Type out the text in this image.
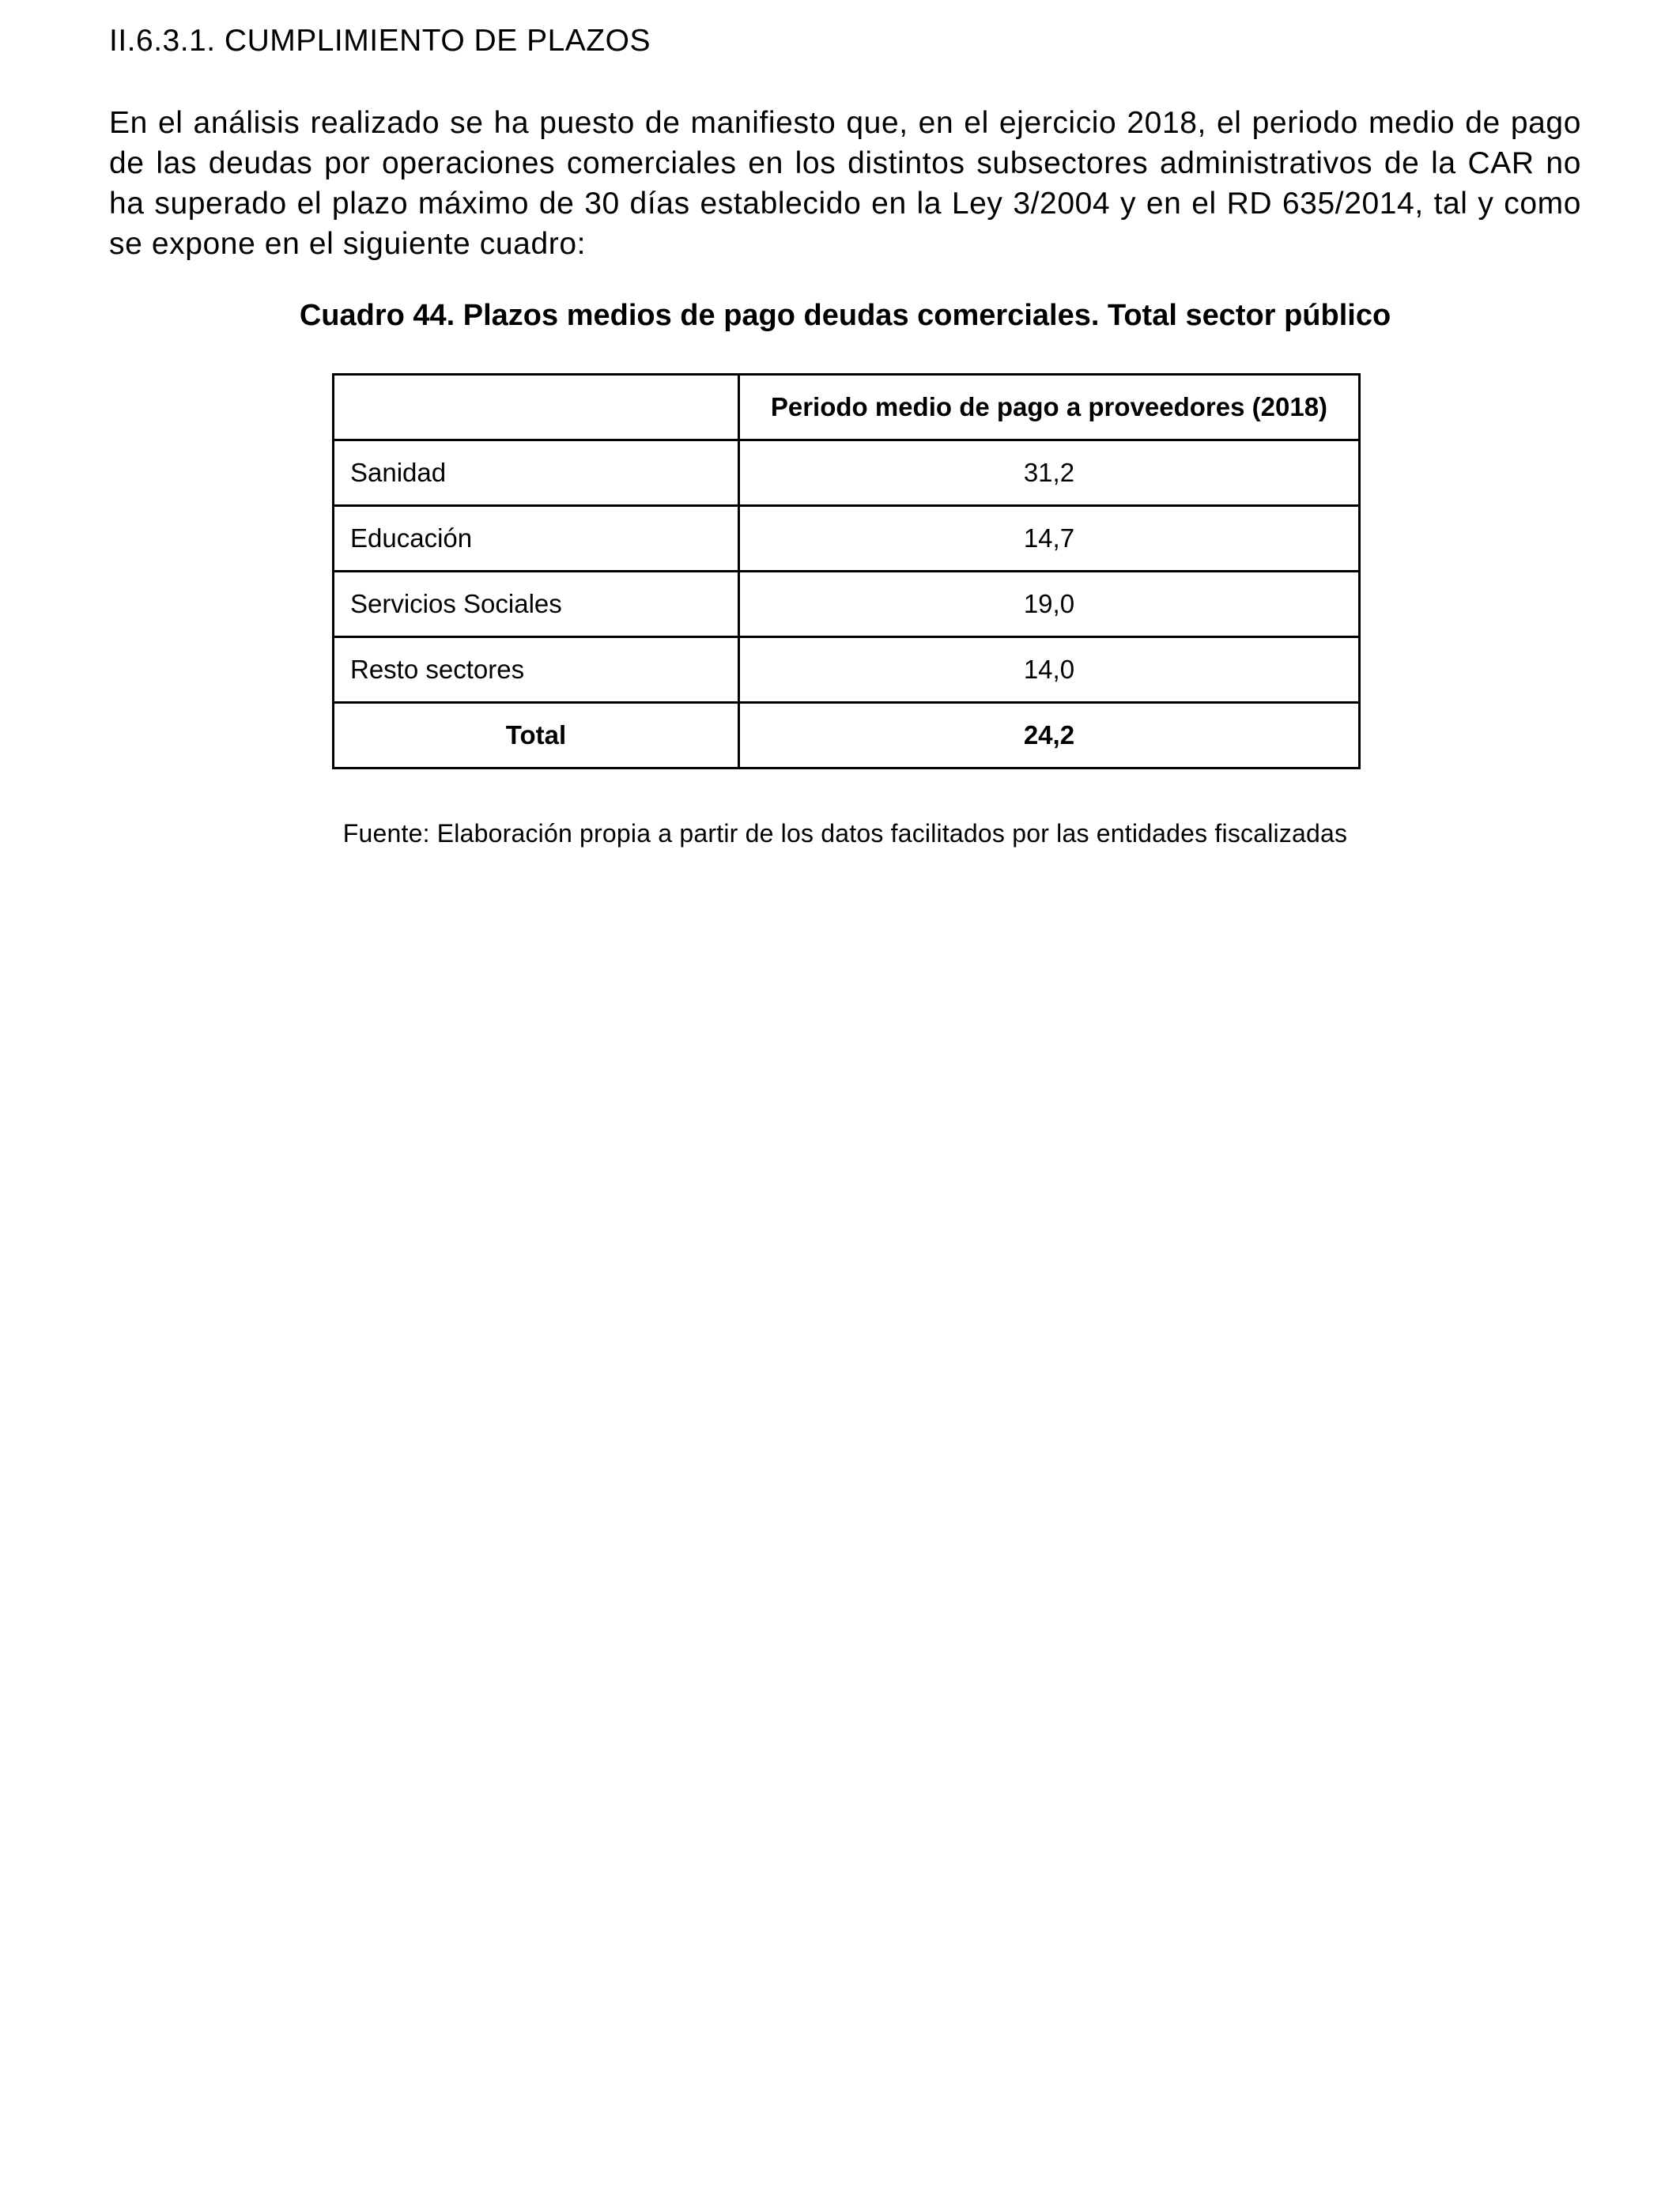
II.6.3.1. CUMPLIMIENTO DE PLAZOS

En el análisis realizado se ha puesto de manifiesto que, en el ejercicio 2018, el periodo medio de pago de las deudas por operaciones comerciales en los distintos subsectores administrativos de la CAR no ha superado el plazo máximo de 30 días establecido en la Ley 3/2004 y en el RD 635/2014, tal y como se expone en el siguiente cuadro:

Cuadro 44. Plazos medios de pago deudas comerciales. Total sector público
	Periodo medio de pago a proveedores (2018)
Sanidad	31,2
Educación	14,7
Servicios Sociales	19,0
Resto sectores	14,0
Total	24,2
Fuente: Elaboración propia a partir de los datos facilitados por las entidades fiscalizadas
